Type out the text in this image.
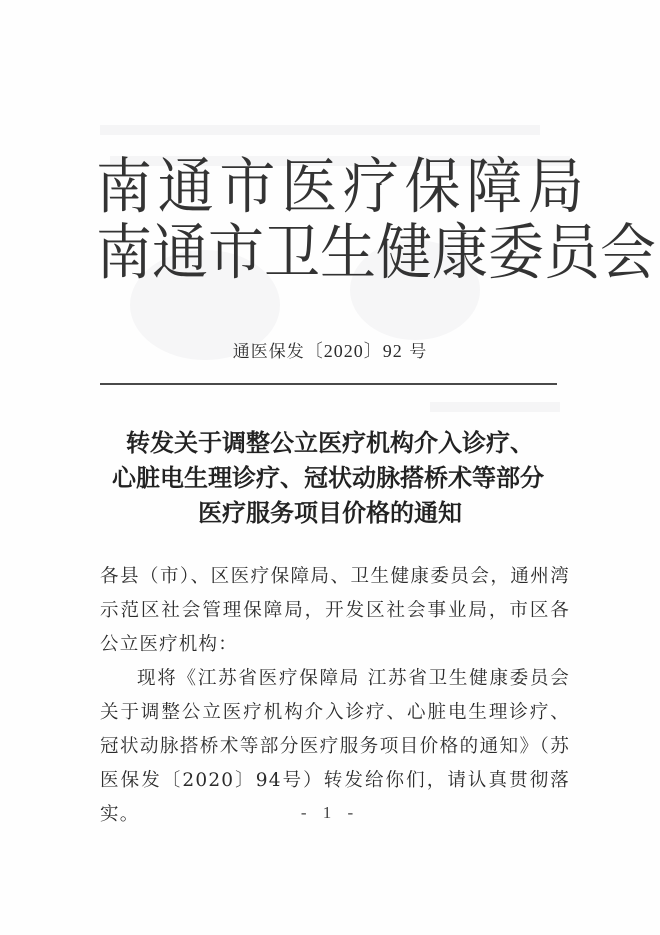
南 通 市 医 疗 保 障 局
南 通 市 卫 生 健 康 委 员 会
通医保发〔2020〕92 号
转发关于调整公立医疗机构介入诊疗、
心脏电生理诊疗、冠状动脉搭桥术等部分
医疗服务项目价格的通知

各县（市）、区医疗保障局、卫生健康委员会，通州湾示范区社会管理保障局，开发区社会事业局，市区各公立医疗机构：

现将《江苏省医疗保障局 江苏省卫生健康委员会关于调整公立医疗机构介入诊疗、心脏电生理诊疗、冠状动脉搭桥术等部分医疗服务项目价格的通知》（苏医保发〔2020〕94号）转发给你们，请认真贯彻落实。	- 1 -
